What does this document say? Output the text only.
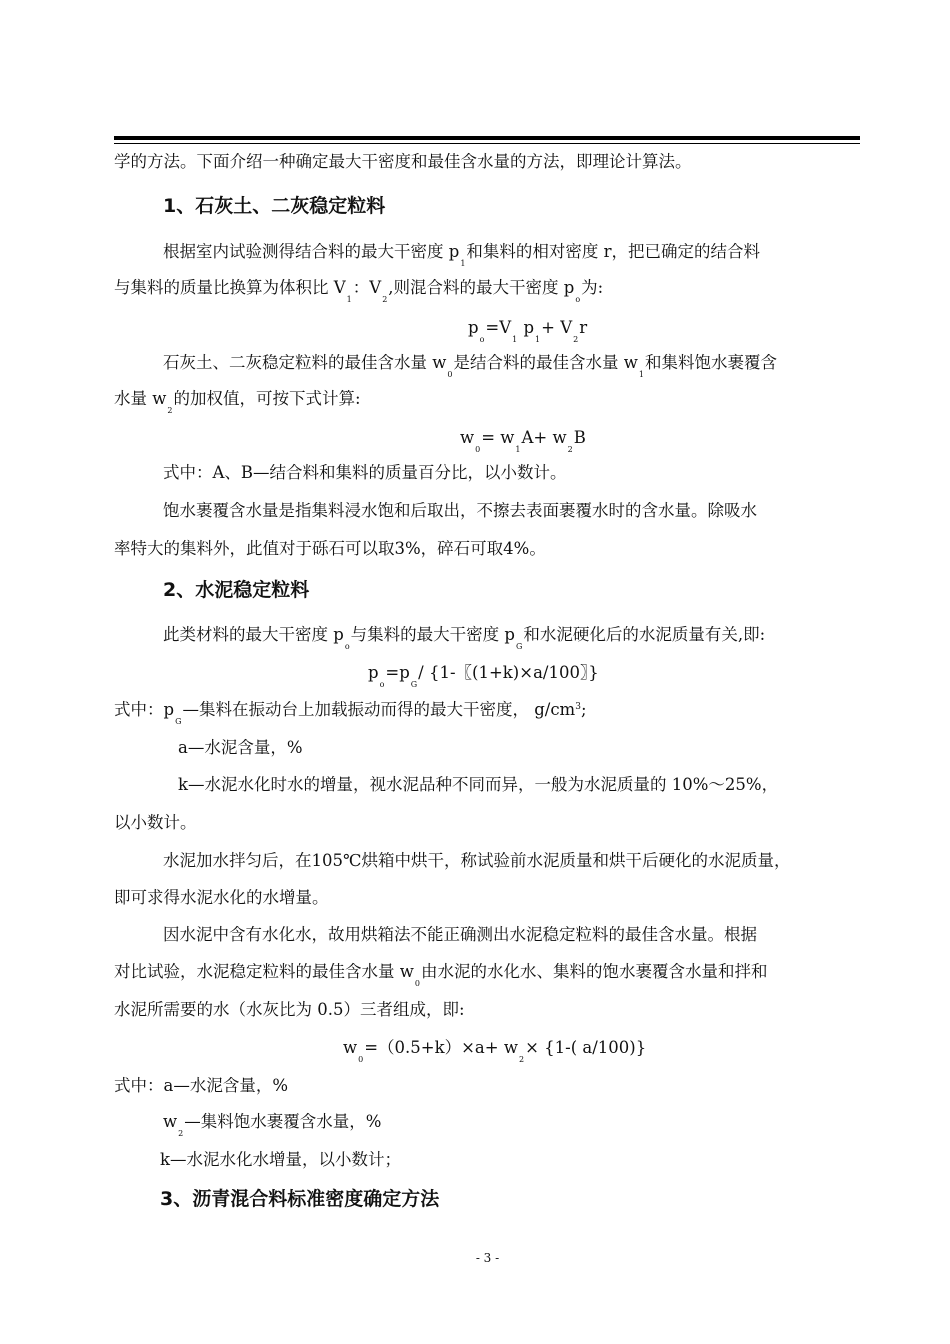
学的方法。下面介绍一种确定最大干密度和最佳含水量的方法，即理论计算法。
1、石灰土、二灰稳定粒料
根据室内试验测得结合料的最大干密度 p1和集料的相对密度 r，把已确定的结合料
与集料的质量比换算为体积比 V1：V2,则混合料的最大干密度 po为:
po=V1 p1+ V2r
石灰土、二灰稳定粒料的最佳含水量 w0是结合料的最佳含水量 w1和集料饱水裹覆含
水量 w2的加权值，可按下式计算:
w0= w1A+ w2B
式中：A、B—结合料和集料的质量百分比，以小数计。
饱水裹覆含水量是指集料浸水饱和后取出，不擦去表面裹覆水时的含水量。除吸水
率特大的集料外，此值对于砾石可以取3%，碎石可取4%。
2、水泥稳定粒料
此类材料的最大干密度 po与集料的最大干密度 pG和水泥硬化后的水泥质量有关,即:
po=pG/ {1-〖(1+k)×a/100〗}
式中：pG—集料在振动台上加载振动而得的最大干密度， g/cm3;
a—水泥含量，%
k—水泥水化时水的增量，视水泥品种不同而异，一般为水泥质量的 10%～25%，
以小数计。
水泥加水拌匀后，在105℃烘箱中烘干，称试验前水泥质量和烘干后硬化的水泥质量，
即可求得水泥水化的水增量。
因水泥中含有水化水，故用烘箱法不能正确测出水泥稳定粒料的最佳含水量。根据
对比试验，水泥稳定粒料的最佳含水量 w0由水泥的水化水、集料的饱水裹覆含水量和拌和
水泥所需要的水（水灰比为 0.5）三者组成，即:
w0=（0.5+k）×a+ w2× {1-( a/100)}
式中：a—水泥含量，%
w2—集料饱水裹覆含水量，%
k—水泥水化水增量，以小数计；
3、沥青混合料标准密度确定方法
- 3 -
